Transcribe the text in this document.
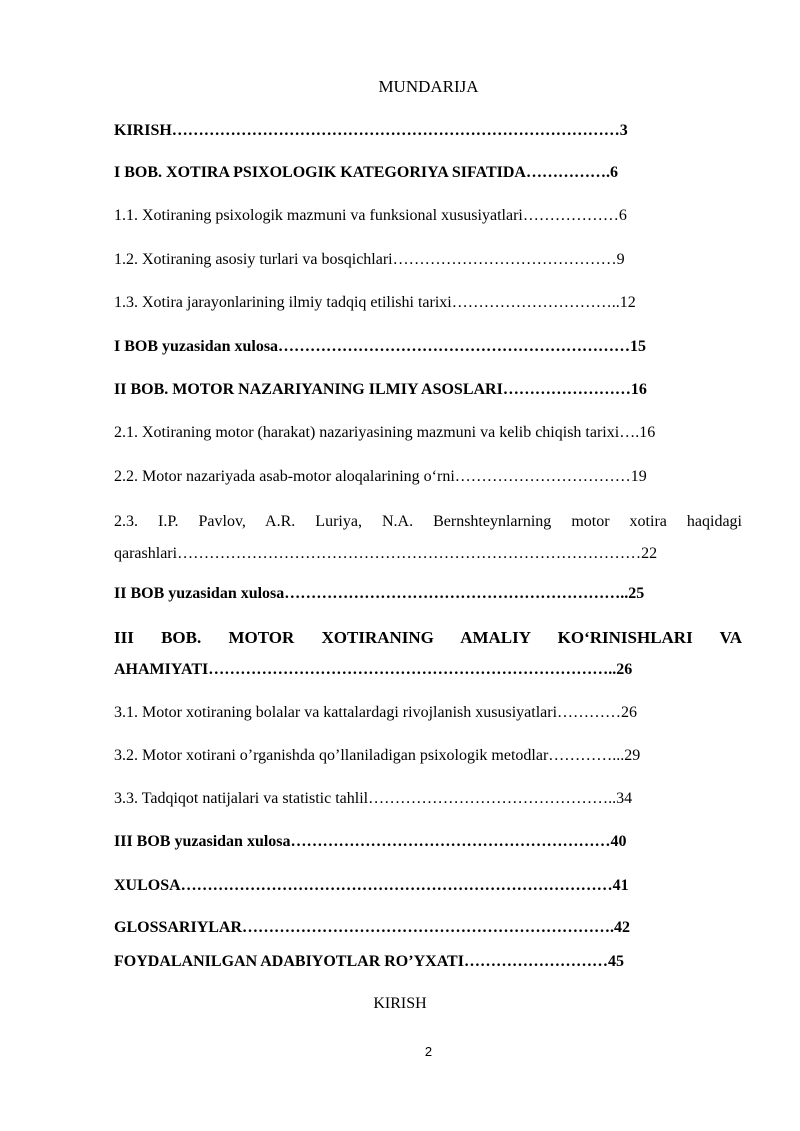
MUNDARIJA
KIRISH…………………………………………………………………………3
I BOB. XOTIRA PSIXOLOGIK KATEGORIYA SIFATIDA…………….6
1.1. Xotiraning psixologik mazmuni va funksional xususiyatlari………………6
1.2. Xotiraning asosiy turlari va bosqichlari……………………………………9
1.3. Xotira jarayonlarining ilmiy tadqiq etilishi tarixi…………………………..12
I BOB yuzasidan xulosa…………………………………………………………15
II BOB. MOTOR NAZARIYANING ILMIY ASOSLARI……………………16
2.1. Xotiraning motor (harakat) nazariyasining mazmuni va kelib chiqish tarixi….16
2.2. Motor nazariyada asab-motor aloqalarining o‘rni……………………………19
2.3. I.P. Pavlov, A.R. Luriya, N.A. Bernshteynlarning motor xotira haqidagi
qarashlari……………………………………………………………………………22
II BOB yuzasidan xulosa………………………………………………………..25
III BOB. MOTOR XOTIRANING AMALIY KO‘RINISHLARI VA
AHAMIYATI…………………………………………………………………..26
3.1. Motor xotiraning bolalar va kattalardagi rivojlanish xususiyatlari…………26
3.2. Motor xotirani o’rganishda qo’llaniladigan psixologik metodlar…………...29
3.3. Tadqiqot natijalari va statistic tahlil………………………………………..34
III BOB yuzasidan xulosa……………………………………………………40
XULOSA………………………………………………………………………41
GLOSSARIYLAR…………………………………………………………….42
FOYDALANILGAN ADABIYOTLAR RO’YXATI………………………45
KIRISH
2
